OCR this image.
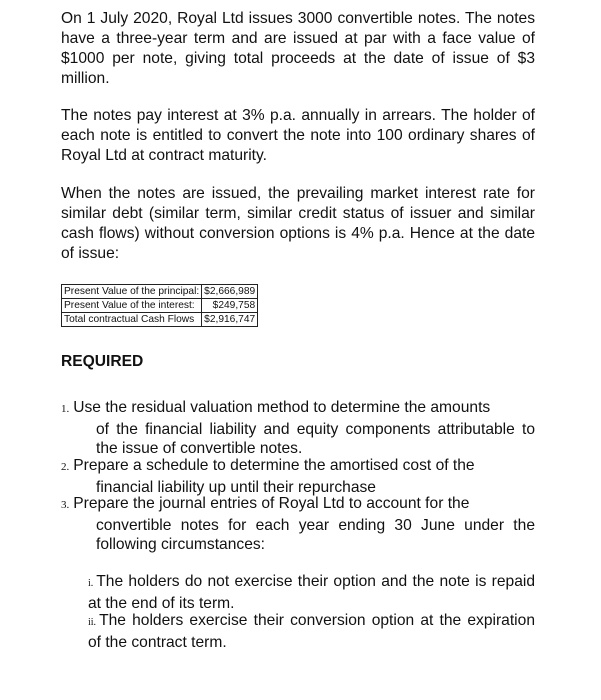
On 1 July 2020, Royal Ltd issues 3000 convertible notes. The notes have a three-year term and are issued at par with a face value of $1000 per note, giving total proceeds at the date of issue of $3 million.

The notes pay interest at 3% p.a. annually in arrears. The holder of each note is entitled to convert the note into 100 ordinary shares of Royal Ltd at contract maturity.

When the notes are issued, the prevailing market interest rate for similar debt (similar term, similar credit status of issuer and similar cash flows) without conversion options is 4% p.a. Hence at the date of issue:

Present Value of the principal:	$2,666,989
Present Value of the interest:	$249,758
Total contractual Cash Flows	$2,916,747

REQUIRED

1. Use the residual valuation method to determine the amounts
of the financial liability and equity components attributable to the issue of convertible notes.
2. Prepare a schedule to determine the amortised cost of the
financial liability up until their repurchase
3. Prepare the journal entries of Royal Ltd to account for the
convertible notes for each year ending 30 June under the following circumstances:

i. The holders do not exercise their option and the note is repaid at the end of its term.

ii. The holders exercise their conversion option at the expiration of the contract term.
